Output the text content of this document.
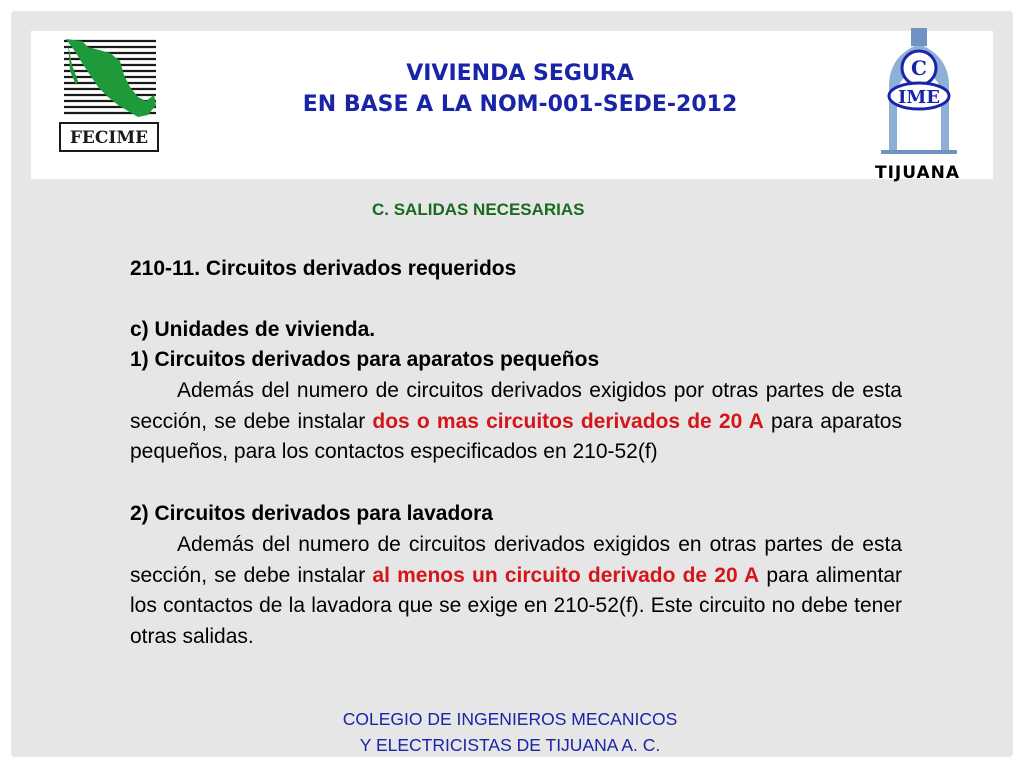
FECIME
C
IME
TIJUANA
VIVIENDA SEGURA
EN BASE A LA NOM-001-SEDE-2012
C. SALIDAS NECESARIAS
210-11. Circuitos derivados requeridos
c) Unidades de vivienda.
1) Circuitos derivados para aparatos pequeños
Además del numero de circuitos derivados exigidos por otras partes de esta sección, se debe instalar dos o mas circuitos derivados de 20 A para aparatos pequeños, para los contactos especificados en 210-52(f)
2) Circuitos derivados para lavadora
Además del numero de circuitos derivados exigidos en otras partes de esta sección, se debe instalar al menos un circuito derivado de 20 A para alimentar los contactos de la lavadora que se exige en 210-52(f). Este circuito no debe tener otras salidas.
COLEGIO DE INGENIEROS MECANICOS
Y ELECTRICISTAS DE TIJUANA A. C.
